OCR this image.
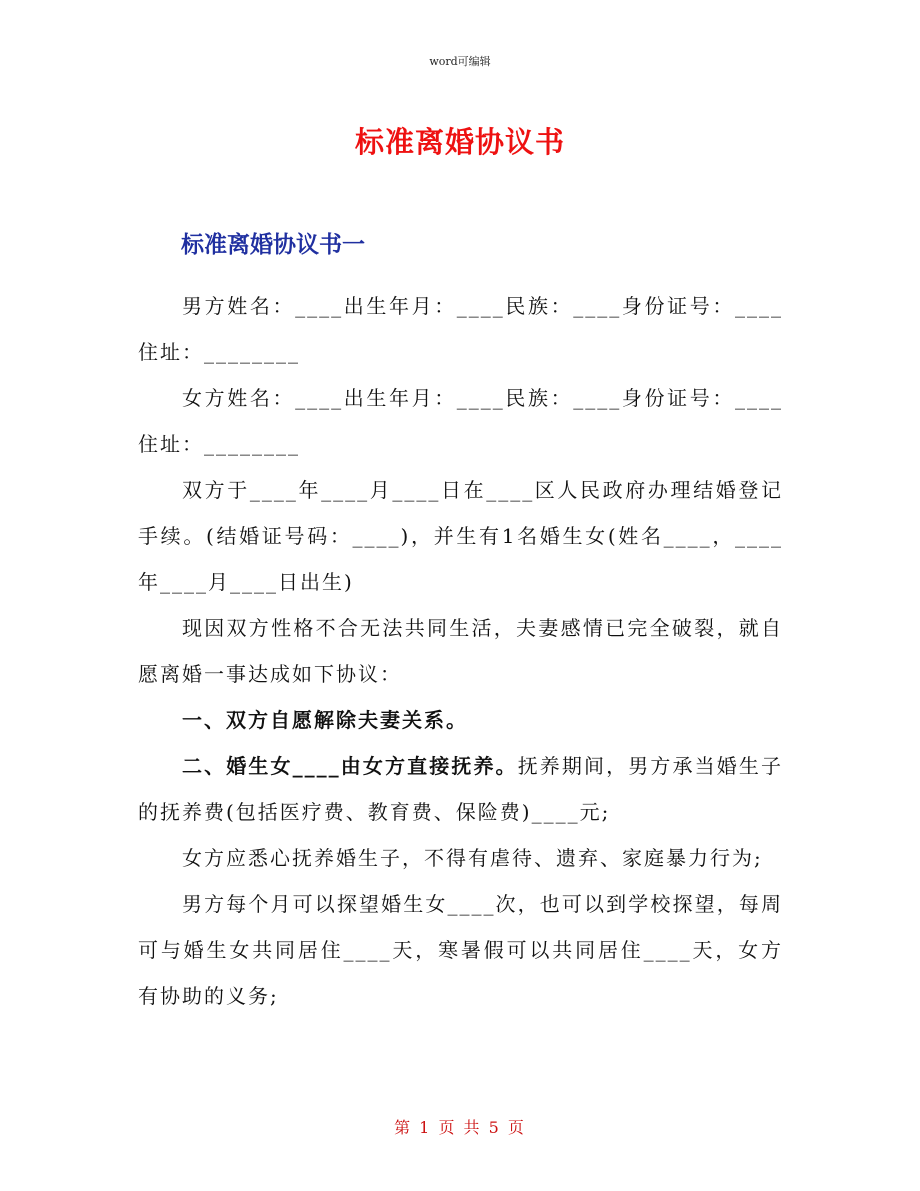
word可编辑
标准离婚协议书
标准离婚协议书一

男方姓名：____出生年月：____民族：____身份证号：____住址：________

女方姓名：____出生年月：____民族：____身份证号：____住址：________

双方于____年____月____日在____区人民政府办理结婚登记手续。(结婚证号码：____)，并生有1名婚生女(姓名____，____年____月____日出生)

现因双方性格不合无法共同生活，夫妻感情已完全破裂，就自愿离婚一事达成如下协议：

一、双方自愿解除夫妻关系。

二、婚生女____由女方直接抚养。抚养期间，男方承当婚生子的抚养费(包括医疗费、教育费、保险费)____元;

女方应悉心抚养婚生子，不得有虐待、遗弃、家庭暴力行为;

男方每个月可以探望婚生女____次，也可以到学校探望，每周可与婚生女共同居住____天，寒暑假可以共同居住____天，女方有协助的义务;

第 1 页 共 5 页
